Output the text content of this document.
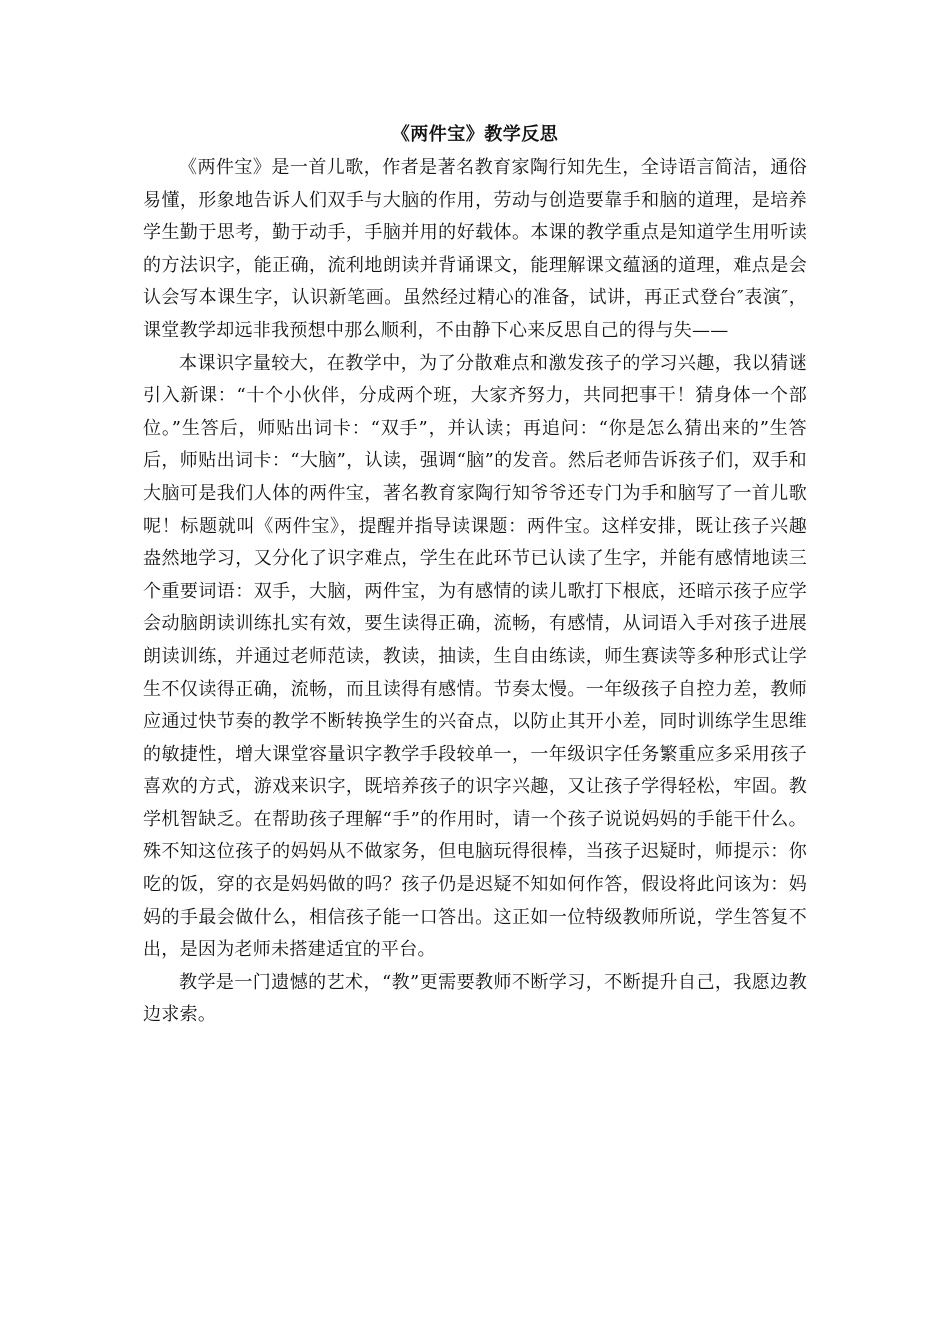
《两件宝》教学反思

《两件宝》是一首儿歌，作者是著名教育家陶行知先生，全诗语言简洁，通俗易懂，形象地告诉人们双手与大脑的作用，劳动与创造要靠手和脑的道理，是培养学生勤于思考，勤于动手，手脑并用的好载体。本课的教学重点是知道学生用听读的方法识字，能正确，流利地朗读并背诵课文，能理解课文蕴涵的道理，难点是会认会写本课生字，认识新笔画。虽然经过精心的准备，试讲，再正式登台″表演″，课堂教学却远非我预想中那么顺利，不由静下心来反思自己的得与失——

本课识字量较大，在教学中，为了分散难点和激发孩子的学习兴趣，我以猜谜引入新课：“十个小伙伴，分成两个班，大家齐努力，共同把事干！猜身体一个部位。”生答后，师贴出词卡：“双手”，并认读；再追问：“你是怎么猜出来的”生答后，师贴出词卡：“大脑”，认读，强调“脑”的发音。然后老师告诉孩子们，双手和大脑可是我们人体的两件宝，著名教育家陶行知爷爷还专门为手和脑写了一首儿歌呢！标题就叫《两件宝》，提醒并指导读课题：两件宝。这样安排，既让孩子兴趣盎然地学习，又分化了识字难点，学生在此环节已认读了生字，并能有感情地读三个重要词语：双手，大脑，两件宝，为有感情的读儿歌打下根底，还暗示孩子应学会动脑朗读训练扎实有效，要生读得正确，流畅，有感情，从词语入手对孩子进展朗读训练，并通过老师范读，教读，抽读，生自由练读，师生赛读等多种形式让学生不仅读得正确，流畅，而且读得有感情。节奏太慢。一年级孩子自控力差，教师应通过快节奏的教学不断转换学生的兴奋点，以防止其开小差，同时训练学生思维的敏捷性，增大课堂容量识字教学手段较单一，一年级识字任务繁重应多采用孩子喜欢的方式，游戏来识字，既培养孩子的识字兴趣，又让孩子学得轻松，牢固。教学机智缺乏。在帮助孩子理解“手”的作用时，请一个孩子说说妈妈的手能干什么。殊不知这位孩子的妈妈从不做家务，但电脑玩得很棒，当孩子迟疑时，师提示：你吃的饭，穿的衣是妈妈做的吗？孩子仍是迟疑不知如何作答，假设将此问该为：妈妈的手最会做什么，相信孩子能一口答出。这正如一位特级教师所说，学生答复不出，是因为老师未搭建适宜的平台。

教学是一门遗憾的艺术，“教”更需要教师不断学习，不断提升自己，我愿边教边求索。
